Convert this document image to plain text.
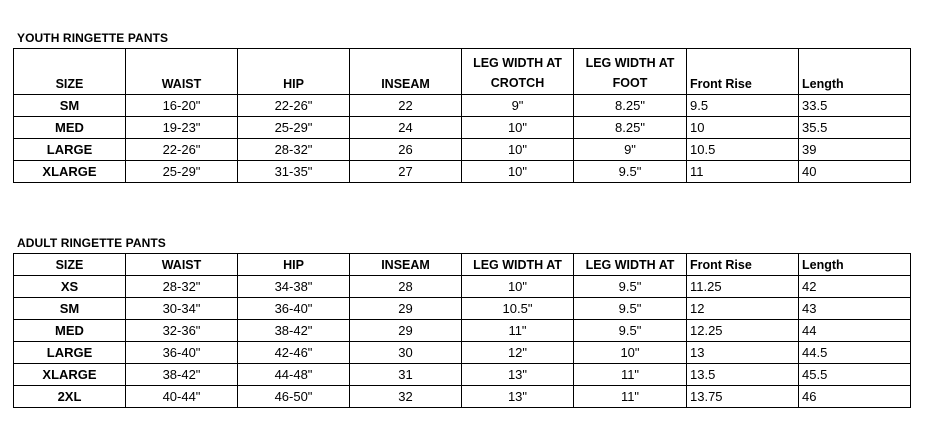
YOUTH RINGETTE PANTS
SIZE	WAIST	HIP	INSEAM	LEG WIDTH AT CROTCH	LEG WIDTH AT FOOT	Front Rise	Length
SM	16-20"	22-26"	22	9"	8.25"	9.5	33.5
MED	19-23"	25-29"	24	10"	8.25"	10	35.5
LARGE	22-26"	28-32"	26	10"	9"	10.5	39
XLARGE	25-29"	31-35"	27	10"	9.5"	11	40
ADULT RINGETTE PANTS
SIZE	WAIST	HIP	INSEAM	LEG WIDTH AT	LEG WIDTH AT	Front Rise	Length
XS	28-32"	34-38"	28	10"	9.5"	11.25	42
SM	30-34"	36-40"	29	10.5"	9.5"	12	43
MED	32-36"	38-42"	29	11"	9.5"	12.25	44
LARGE	36-40"	42-46"	30	12"	10"	13	44.5
XLARGE	38-42"	44-48"	31	13"	11"	13.5	45.5
2XL	40-44"	46-50"	32	13"	11"	13.75	46
